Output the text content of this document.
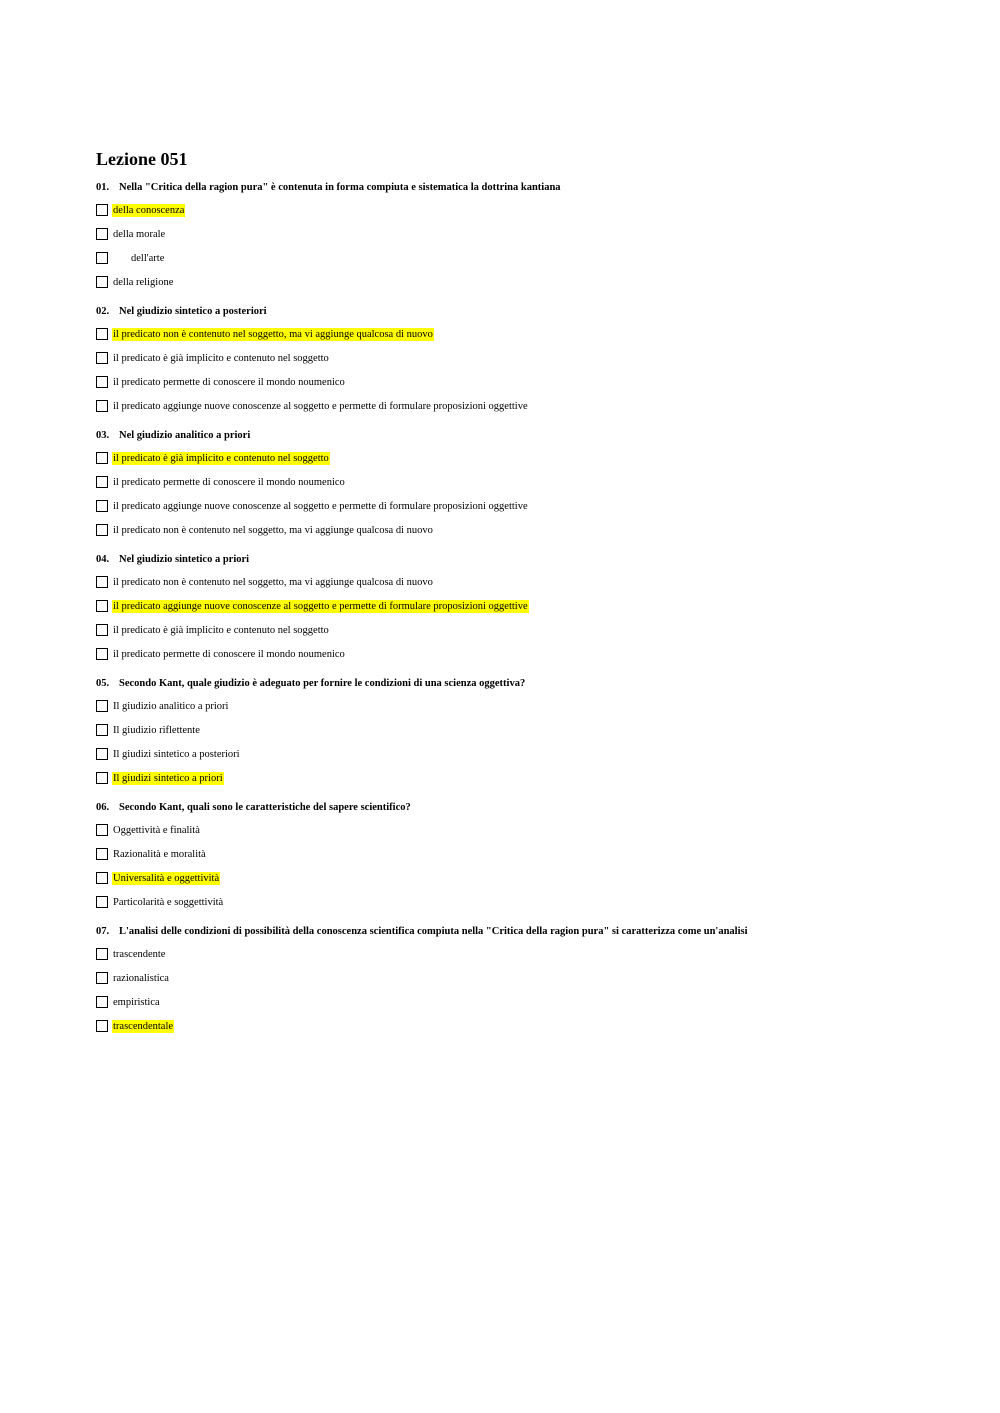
Lezione 051
01. Nella "Critica della ragion pura" è contenuta in forma compiuta e sistematica la dottrina kantiana
della conoscenza
della morale
dell'arte
della religione
02. Nel giudizio sintetico a posteriori
il predicato non è contenuto nel soggetto, ma vi aggiunge qualcosa di nuovo
il predicato è già implicito e contenuto nel soggetto
il predicato permette di conoscere il mondo noumenico
il predicato aggiunge nuove conoscenze al soggetto e permette di formulare proposizioni oggettive
03. Nel giudizio analitico a priori
il predicato è già implicito e contenuto nel soggetto
il predicato permette di conoscere il mondo noumenico
il predicato aggiunge nuove conoscenze al soggetto e permette di formulare proposizioni oggettive
il predicato non è contenuto nel soggetto, ma vi aggiunge qualcosa di nuovo
04. Nel giudizio sintetico a priori
il predicato non è contenuto nel soggetto, ma vi aggiunge qualcosa di nuovo
il predicato aggiunge nuove conoscenze al soggetto e permette di formulare proposizioni oggettive
il predicato è già implicito e contenuto nel soggetto
il predicato permette di conoscere il mondo noumenico
05. Secondo Kant, quale giudizio è adeguato per fornire le condizioni di una scienza oggettiva?
Il giudizio analitico a priori
Il giudizio riflettente
Il giudizi sintetico a posteriori
Il giudizi sintetico a priori
06. Secondo Kant, quali sono le caratteristiche del sapere scientifico?
Oggettività e finalità
Razionalità e moralità
Universalità e oggettività
Particolarità e soggettività
07. L'analisi delle condizioni di possibilità della conoscenza scientifica compiuta nella "Critica della ragion pura" si caratterizza come un'analisi
trascendente
razionalistica
empiristica
trascendentale
